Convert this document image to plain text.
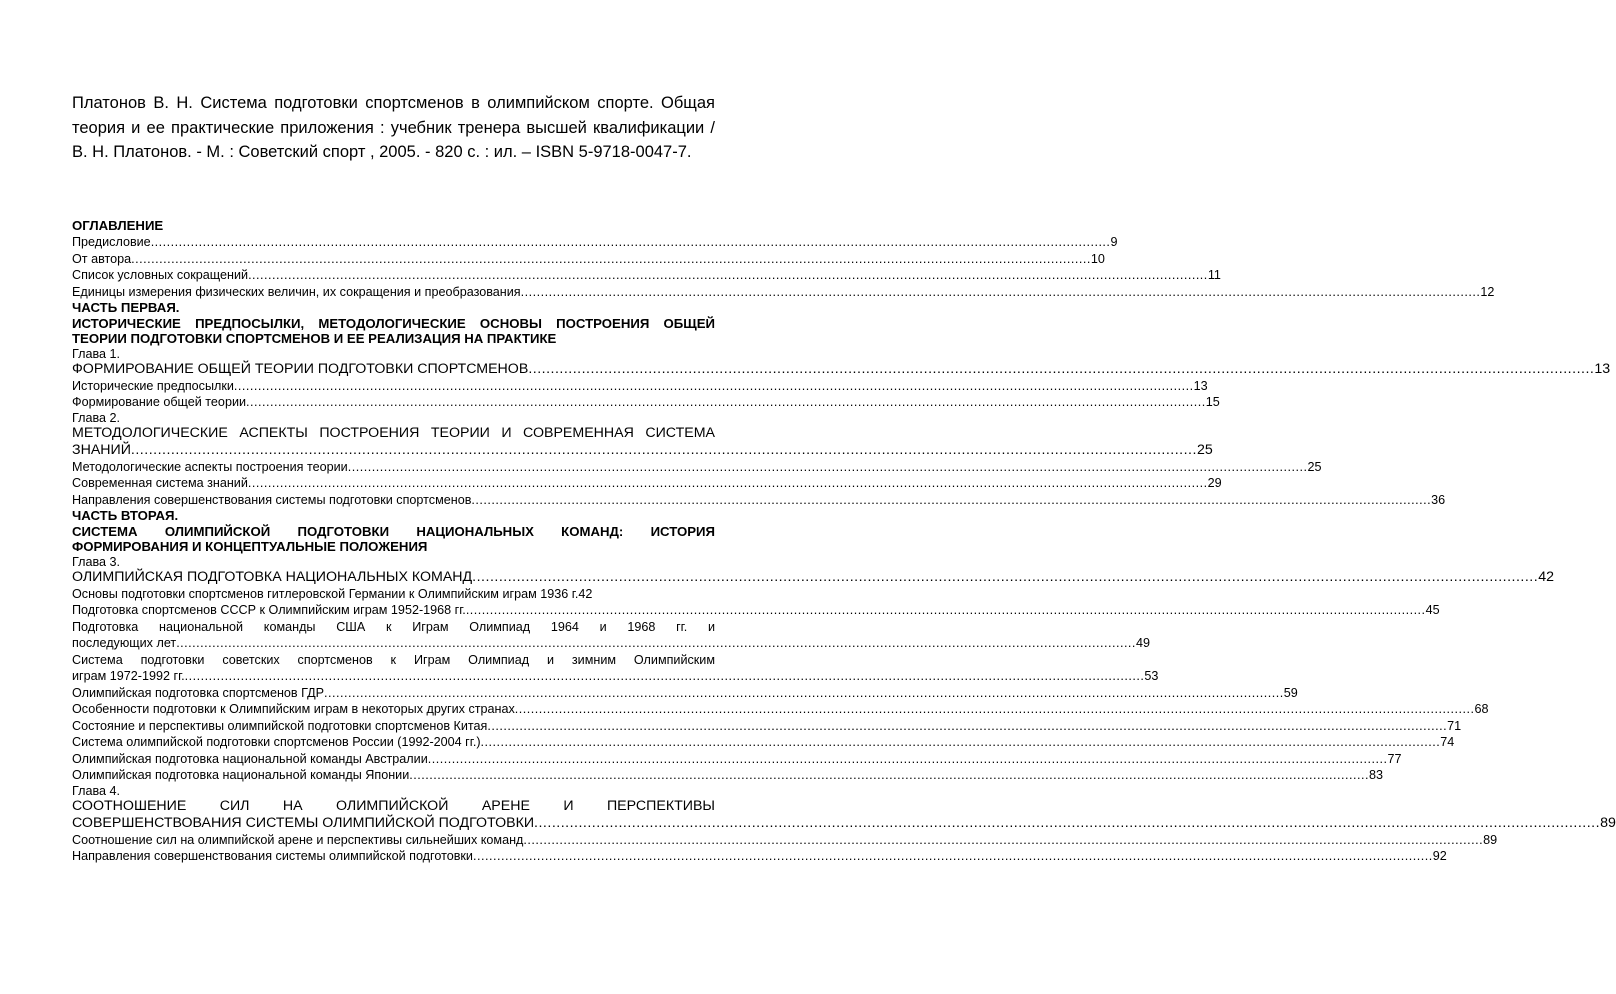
Платонов В. Н. Система подготовки спортсменов в олимпийском спорте. Общая теория и ее практические приложения : учебник тренера высшей квалификации / В. Н. Платонов. - М. : Советский спорт , 2005. - 820 с. : ил. – ISBN 5-9718-0047-7.
ОГЛАВЛЕНИЕ
Предисловие .....	9
От автора .....	10
Список условных сокращений .....	11
Единицы измерения физических величин, их сокращения и преобразования .....	12
ЧАСТЬ ПЕРВАЯ.
ИСТОРИЧЕСКИЕ ПРЕДПОСЫЛКИ, МЕТОДОЛОГИЧЕСКИЕ ОСНОВЫ ПОСТРОЕНИЯ ОБЩЕЙ ТЕОРИИ ПОДГОТОВКИ СПОРТСМЕНОВ И ЕЕ РЕАЛИЗАЦИЯ НА ПРАКТИКЕ
Глава 1.
ФОРМИРОВАНИЕ ОБЩЕЙ ТЕОРИИ ПОДГОТОВКИ СПОРТСМЕНОВ .....	13
Исторические предпосылки .....	13
Формирование общей теории .....	15
Глава 2.
МЕТОДОЛОГИЧЕСКИЕ АСПЕКТЫ ПОСТРОЕНИЯ ТЕОРИИ И СОВРЕМЕННАЯ СИСТЕМА
ЗНАНИЙ .....	25
Методологические аспекты построения теории .....	25
Современная система знаний .....	29
Направления совершенствования системы подготовки спортсменов .....	36
ЧАСТЬ ВТОРАЯ.
СИСТЕМА ОЛИМПИЙСКОЙ ПОДГОТОВКИ НАЦИОНАЛЬНЫХ КОМАНД: ИСТОРИЯ ФОРМИРОВАНИЯ И КОНЦЕПТУАЛЬНЫЕ ПОЛОЖЕНИЯ
Глава 3.
ОЛИМПИЙСКАЯ ПОДГОТОВКА НАЦИОНАЛЬНЫХ КОМАНД .....	42
Основы подготовки спортсменов гитлеровской Германии к Олимпийским играм 1936 г.42
Подготовка спортсменов СССР к Олимпийским играм 1952-1968 гг. .....	45
Подготовка национальной команды США к Играм Олимпиад 1964 и 1968 гг. и
последующих лет .....	49
Система подготовки советских спортсменов к Играм Олимпиад и зимним Олимпийским
играм 1972-1992 гг. .....	53
Олимпийская подготовка спортсменов ГДР .....	59
Особенности подготовки к Олимпийским играм в некоторых других странах .....	68
Состояние и перспективы олимпийской подготовки спортсменов Китая .....	71
Система олимпийской подготовки спортсменов России (1992-2004 гг.) .....	74
Олимпийская подготовка национальной команды Австралии .....	77
Олимпийская подготовка национальной команды Японии .....	83
Глава 4.
СООТНОШЕНИЕ СИЛ НА ОЛИМПИЙСКОЙ АРЕНЕ И ПЕРСПЕКТИВЫ
СОВЕРШЕНСТВОВАНИЯ СИСТЕМЫ ОЛИМПИЙСКОЙ ПОДГОТОВКИ .....	89
Соотношение сил на олимпийской арене и перспективы сильнейших команд .....	89
Направления совершенствования системы олимпийской подготовки .....	92
